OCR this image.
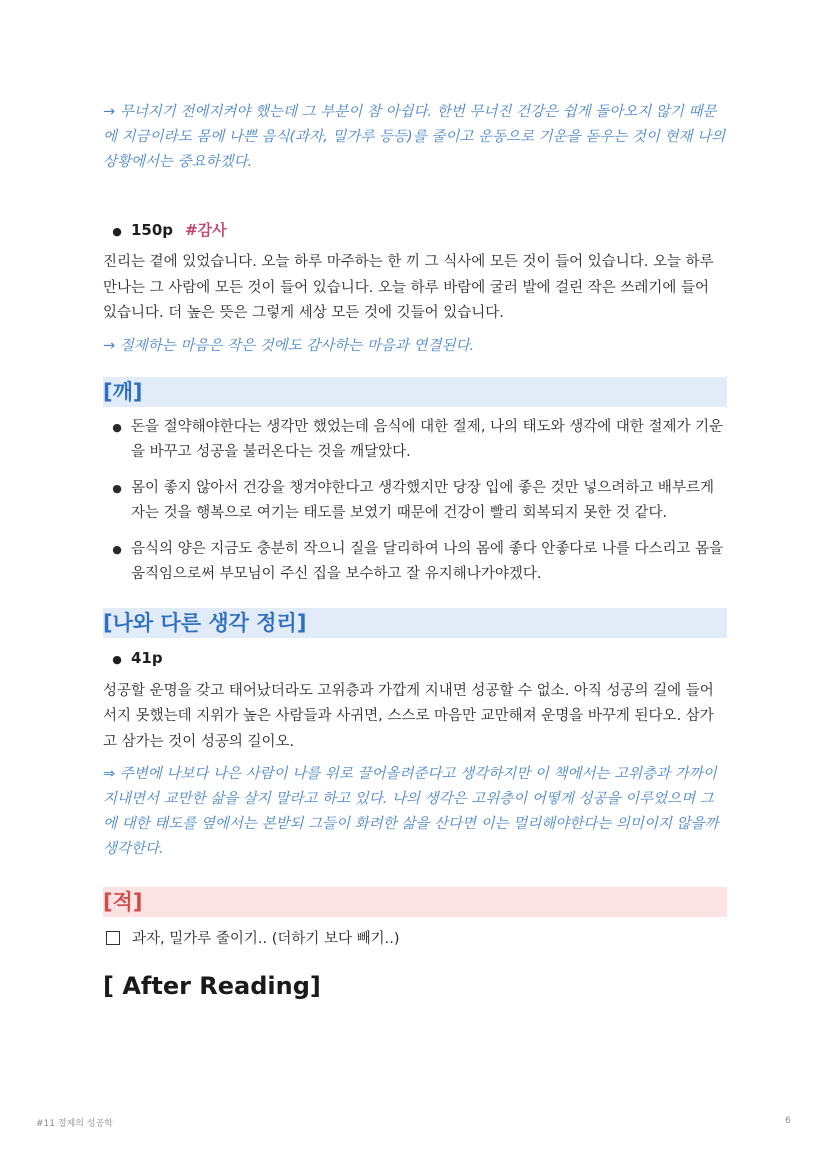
→ 무너지기 전에지켜야 했는데 그 부분이 참 아쉽다. 한번 무너진 건강은 쉽게 돌아오지 않기 때문에 지금이라도 몸에 나쁜 음식(과자, 밀가루 등등)를 줄이고 운동으로 기운을 돋우는 것이 현재 나의 상황에서는 중요하겠다.

● 150p #감사

진리는 곁에 있었습니다. 오늘 하루 마주하는 한 끼 그 식사에 모든 것이 들어 있습니다. 오늘 하루 만나는 그 사람에 모든 것이 들어 있습니다. 오늘 하루 바람에 굴러 발에 걸린 작은 쓰레기에 들어 있습니다. 더 높은 뜻은 그렇게 세상 모든 것에 깃들어 있습니다.

→ 절제하는 마음은 작은 것에도 감사하는 마음과 연결된다.

[깨]
● 돈을 절약해야한다는 생각만 했었는데 음식에 대한 절제, 나의 태도와 생각에 대한 절제가 기운을 바꾸고 성공을 불러온다는 것을 깨달았다.
● 몸이 좋지 않아서 건강을 챙겨야한다고 생각했지만 당장 입에 좋은 것만 넣으려하고 배부르게 자는 것을 행복으로 여기는 태도를 보였기 때문에 건강이 빨리 회복되지 못한 것 같다.
● 음식의 양은 지금도 충분히 작으니 질을 달리하여 나의 몸에 좋다 안좋다로 나를 다스리고 몸을 움직임으로써 부모님이 주신 집을 보수하고 잘 유지해나가야겠다.
[나와 다른 생각 정리]
● 41p

성공할 운명을 갖고 태어났더라도 고위층과 가깝게 지내면 성공할 수 없소. 아직 성공의 길에 들어서지 못했는데 지위가 높은 사람들과 사귀면, 스스로 마음만 교만해져 운명을 바꾸게 된다오. 삼가고 삼가는 것이 성공의 길이오.

⇒ 주변에 나보다 나은 사람이 나를 위로 끌어올려준다고 생각하지만 이 책에서는 고위층과 가까이 지내면서 교만한 삶을 살지 말라고 하고 있다. 나의 생각은 고위층이 어떻게 성공을 이루었으며 그에 대한 태도를 옆에서는 본받되 그들이 화려한 삶을 산다면 이는 멀리해야한다는 의미이지 않을까 생각한다.

[적]
과자, 밀가루 줄이기.. (더하기 보다 빼기..)
[ After Reading]
#11 절제의 성공학	6
